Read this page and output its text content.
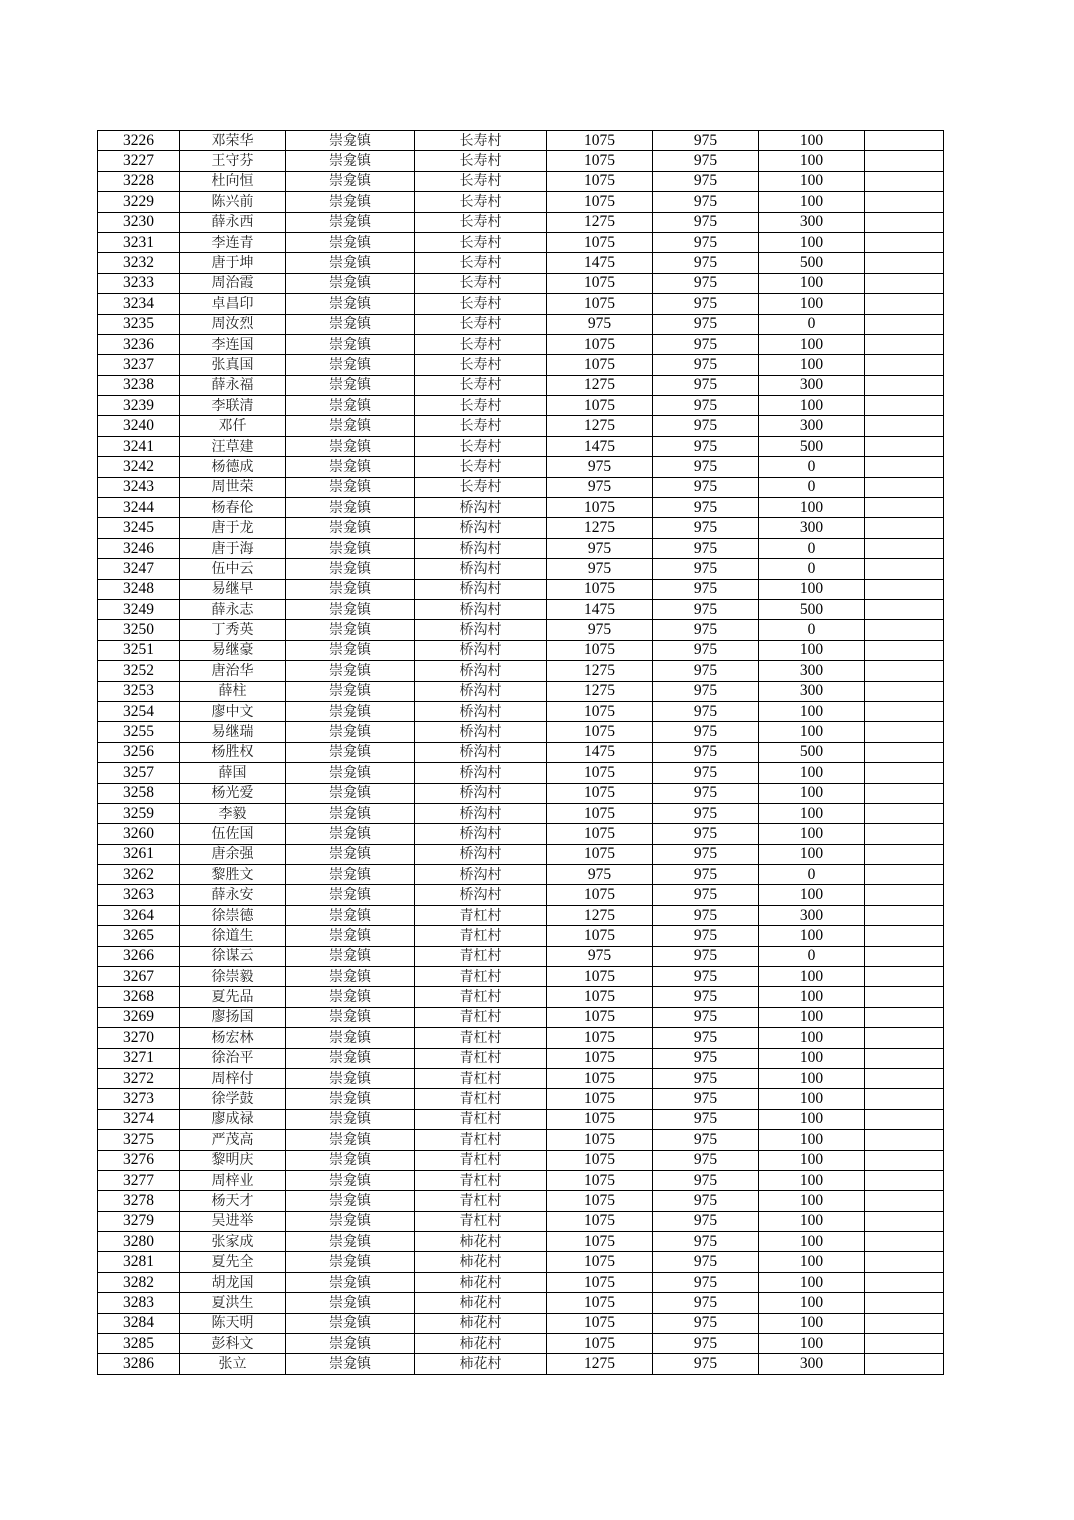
3226	邓荣华	崇龛镇	长寿村	1075	975	100	
3227	王守芬	崇龛镇	长寿村	1075	975	100	
3228	杜向恒	崇龛镇	长寿村	1075	975	100	
3229	陈兴前	崇龛镇	长寿村	1075	975	100	
3230	薛永西	崇龛镇	长寿村	1275	975	300	
3231	李连青	崇龛镇	长寿村	1075	975	100	
3232	唐于坤	崇龛镇	长寿村	1475	975	500	
3233	周治霞	崇龛镇	长寿村	1075	975	100	
3234	卓昌印	崇龛镇	长寿村	1075	975	100	
3235	周汝烈	崇龛镇	长寿村	975	975	0	
3236	李连国	崇龛镇	长寿村	1075	975	100	
3237	张真国	崇龛镇	长寿村	1075	975	100	
3238	薛永福	崇龛镇	长寿村	1275	975	300	
3239	李联清	崇龛镇	长寿村	1075	975	100	
3240	邓仟	崇龛镇	长寿村	1275	975	300	
3241	汪草建	崇龛镇	长寿村	1475	975	500	
3242	杨德成	崇龛镇	长寿村	975	975	0	
3243	周世荣	崇龛镇	长寿村	975	975	0	
3244	杨春伦	崇龛镇	桥沟村	1075	975	100	
3245	唐于龙	崇龛镇	桥沟村	1275	975	300	
3246	唐于海	崇龛镇	桥沟村	975	975	0	
3247	伍中云	崇龛镇	桥沟村	975	975	0	
3248	易继早	崇龛镇	桥沟村	1075	975	100	
3249	薛永志	崇龛镇	桥沟村	1475	975	500	
3250	丁秀英	崇龛镇	桥沟村	975	975	0	
3251	易继豪	崇龛镇	桥沟村	1075	975	100	
3252	唐治华	崇龛镇	桥沟村	1275	975	300	
3253	薛柱	崇龛镇	桥沟村	1275	975	300	
3254	廖中文	崇龛镇	桥沟村	1075	975	100	
3255	易继瑞	崇龛镇	桥沟村	1075	975	100	
3256	杨胜权	崇龛镇	桥沟村	1475	975	500	
3257	薛国	崇龛镇	桥沟村	1075	975	100	
3258	杨光爱	崇龛镇	桥沟村	1075	975	100	
3259	李毅	崇龛镇	桥沟村	1075	975	100	
3260	伍佐国	崇龛镇	桥沟村	1075	975	100	
3261	唐余强	崇龛镇	桥沟村	1075	975	100	
3262	黎胜文	崇龛镇	桥沟村	975	975	0	
3263	薛永安	崇龛镇	桥沟村	1075	975	100	
3264	徐崇德	崇龛镇	青杠村	1275	975	300	
3265	徐道生	崇龛镇	青杠村	1075	975	100	
3266	徐谋云	崇龛镇	青杠村	975	975	0	
3267	徐崇毅	崇龛镇	青杠村	1075	975	100	
3268	夏先品	崇龛镇	青杠村	1075	975	100	
3269	廖扬国	崇龛镇	青杠村	1075	975	100	
3270	杨宏林	崇龛镇	青杠村	1075	975	100	
3271	徐治平	崇龛镇	青杠村	1075	975	100	
3272	周梓付	崇龛镇	青杠村	1075	975	100	
3273	徐学鼓	崇龛镇	青杠村	1075	975	100	
3274	廖成禄	崇龛镇	青杠村	1075	975	100	
3275	严茂高	崇龛镇	青杠村	1075	975	100	
3276	黎明庆	崇龛镇	青杠村	1075	975	100	
3277	周梓业	崇龛镇	青杠村	1075	975	100	
3278	杨天才	崇龛镇	青杠村	1075	975	100	
3279	吴进举	崇龛镇	青杠村	1075	975	100	
3280	张家成	崇龛镇	柿花村	1075	975	100	
3281	夏先全	崇龛镇	柿花村	1075	975	100	
3282	胡龙国	崇龛镇	柿花村	1075	975	100	
3283	夏洪生	崇龛镇	柿花村	1075	975	100	
3284	陈天明	崇龛镇	柿花村	1075	975	100	
3285	彭科文	崇龛镇	柿花村	1075	975	100	
3286	张立	崇龛镇	柿花村	1275	975	300	
